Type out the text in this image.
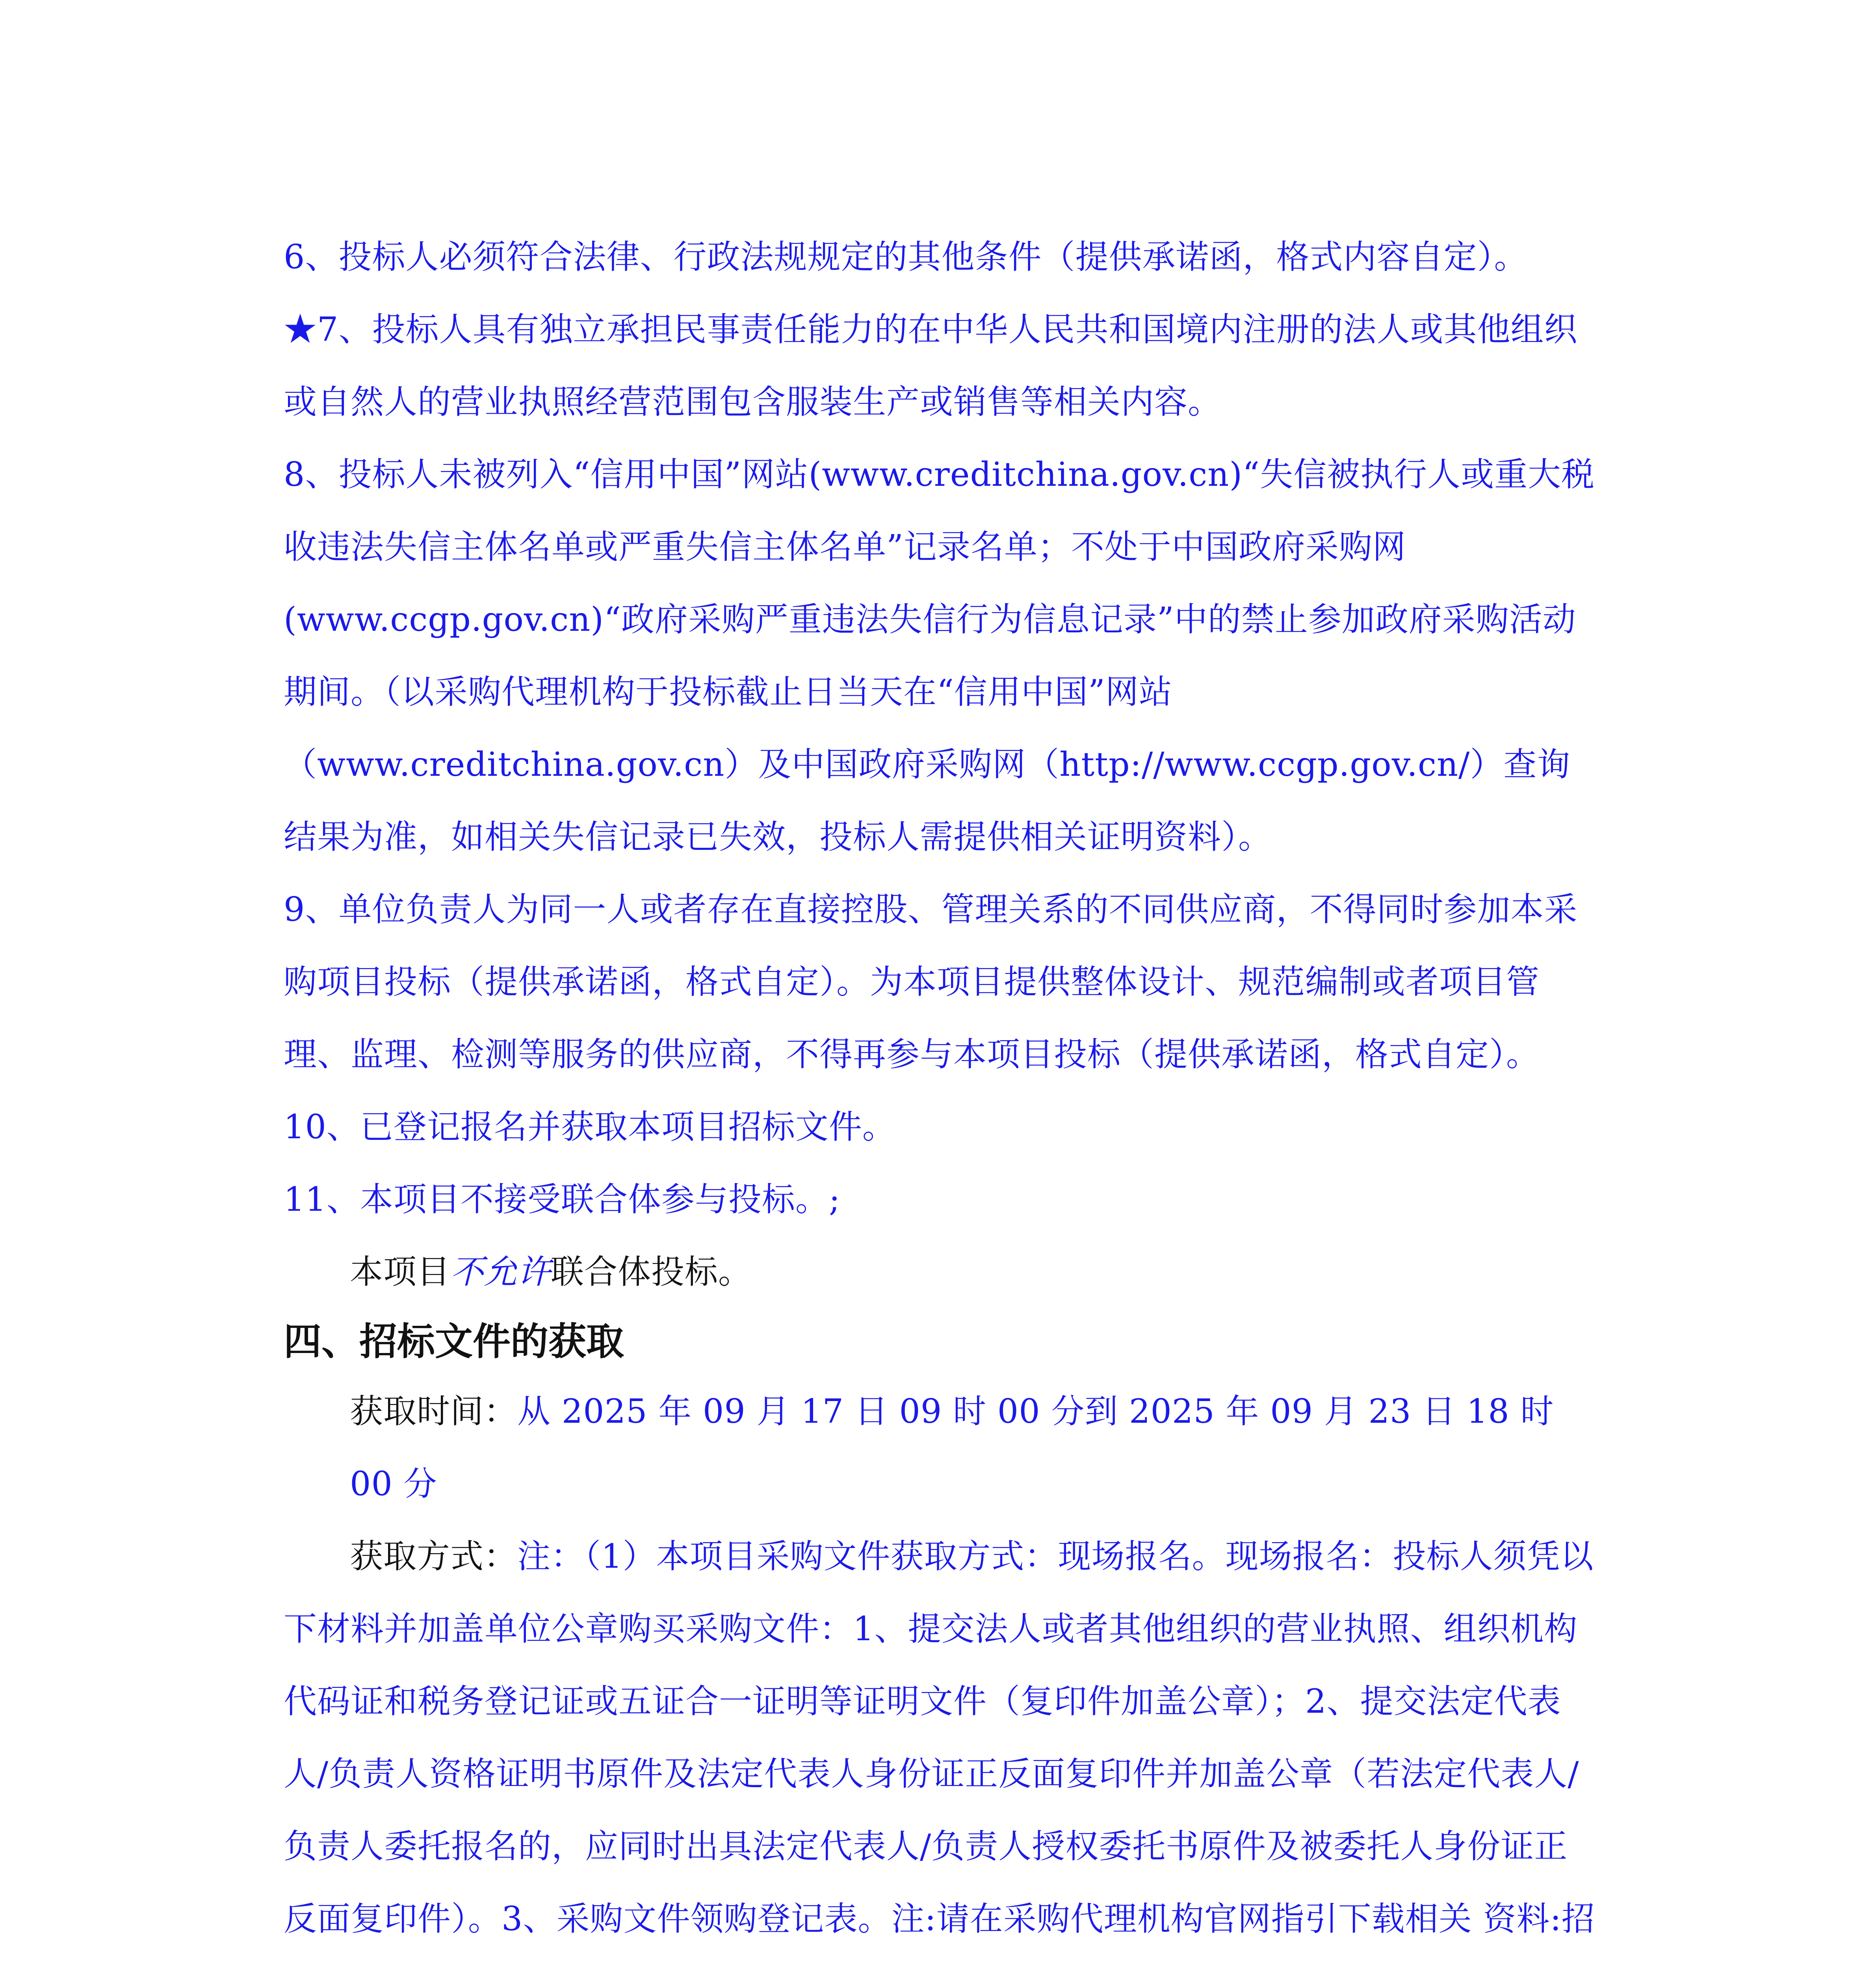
6、投标人必须符合法律、行政法规规定的其他条件（提供承诺函，格式内容自定）。

★7、投标人具有独立承担民事责任能力的在中华人民共和国境内注册的法人或其他组织或自然人的营业执照经营范围包含服装生产或销售等相关内容。

8、投标人未被列入“信用中国”网站(www.creditchina.gov.cn)“失信被执行人或重大税收违法失信主体名单或严重失信主体名单”记录名单；不处于中国政府采购网(www.ccgp.gov.cn)“政府采购严重违法失信行为信息记录”中的禁止参加政府采购活动期间。（以采购代理机构于投标截止日当天在“信用中国”网站（www.creditchina.gov.cn）及中国政府采购网（http://www.ccgp.gov.cn/）查询结果为准，如相关失信记录已失效，投标人需提供相关证明资料）。

9、单位负责人为同一人或者存在直接控股、管理关系的不同供应商，不得同时参加本采购项目投标（提供承诺函，格式自定）。为本项目提供整体设计、规范编制或者项目管理、监理、检测等服务的供应商，不得再参与本项目投标（提供承诺函，格式自定）。

10、已登记报名并获取本项目招标文件。

11、本项目不接受联合体参与投标。;

本项目不允许联合体投标。

四、招标文件的获取

获取时间：从 2025 年 09 月 17 日 09 时 00 分到 2025 年 09 月 23 日 18 时 00 分

获取方式：注：（1）本项目采购文件获取方式：现场报名。现场报名：投标人须凭以下材料并加盖单位公章购买采购文件：1、提交法人或者其他组织的营业执照、组织机构代码证和税务登记证或五证合一证明等证明文件（复印件加盖公章）；2、提交法定代表人/负责人资格证明书原件及法定代表人身份证正反面复印件并加盖公章（若法定代表人/负责人委托报名的，应同时出具法定代表人/负责人授权委托书原件及被委托人身份证正反面复印件）。3、采购文件领购登记表。注:请在采购代理机构官网指引下载相关 资料:招
